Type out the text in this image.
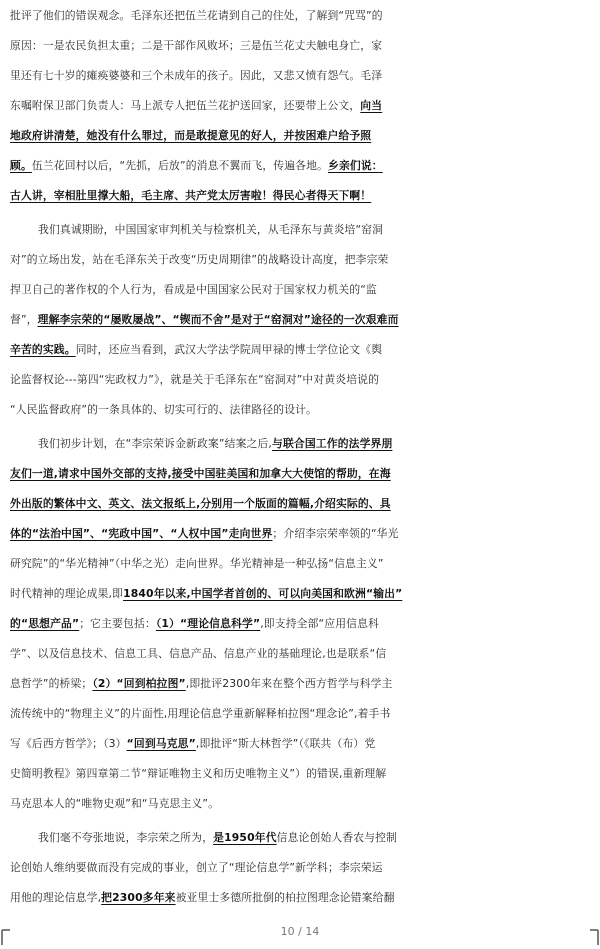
批评了他们的错误观念。毛泽东还把伍兰花请到自己的住处，了解到“咒骂”的
原因：一是农民负担太重；二是干部作风败坏；三是伍兰花丈夫触电身亡，家
里还有七十岁的瘫痪婆婆和三个未成年的孩子。因此，又悲又愤有怨气。毛泽
东嘱咐保卫部门负责人：马上派专人把伍兰花护送回家，还要带上公文，向当
地政府讲清楚，她没有什么罪过，而是敢提意见的好人，并按困难户给予照
顾。伍兰花回村以后，“先抓，后放”的消息不翼而飞，传遍各地。乡亲们说：
古人讲，宰相肚里撑大船，毛主席、共产党太厉害啦！得民心者得天下啊！
我们真诚期盼，中国国家审判机关与检察机关，从毛泽东与黄炎培“窑洞
对”的立场出发，站在毛泽东关于改变“历史周期律”的战略设计高度，把李宗荣
捍卫自己的著作权的个人行为，看成是中国国家公民对于国家权力机关的“监
督”，理解李宗荣的“屡败屡战”、“锲而不舍”是对于“窑洞对”途径的一次艰难而
辛苦的实践。同时，还应当看到，武汉大学法学院周甲禄的博士学位论文《舆
论监督权论---第四“宪政权力”》，就是关于毛泽东在“窑洞对”中对黄炎培说的
“人民监督政府”的一条具体的、切实可行的、法律路径的设计。
我们初步计划，在“李宗荣诉金新政案”结案之后,与联合国工作的法学界朋
友们一道,请求中国外交部的支持,接受中国驻美国和加拿大大使馆的帮助，在海
外出版的繁体中文、英文、法文报纸上,分别用一个版面的篇幅,介绍实际的、具
体的“法治中国”、“宪政中国”、“人权中国”走向世界；介绍李宗荣率领的“华光
研究院”的“华光精神”（中华之光）走向世界。华光精神是一种弘扬“信息主义”
时代精神的理论成果,即1840年以来,中国学者首创的、可以向美国和欧洲“输出”
的“思想产品”；它主要包括：（1）“理论信息科学”,即支持全部“应用信息科
学”、以及信息技术、信息工具、信息产品、信息产业的基础理论,也是联系“信
息哲学”的桥梁；（2）“回到柏拉图”,即批评2300年来在整个西方哲学与科学主
流传统中的“物理主义”的片面性,用理论信息学重新解释柏拉图“理念论”,着手书
写《后西方哲学》；（3）“回到马克思”,即批评“斯大林哲学”（《联共（布）党
史简明教程》第四章第二节“辩证唯物主义和历史唯物主义”）的错误,重新理解
马克思本人的“唯物史观”和“马克思主义”。
我们毫不夸张地说，李宗荣之所为，是1950年代信息论创始人香农与控制
论创始人维纳要做而没有完成的事业，创立了“理论信息学”新学科；李宗荣运
用他的理论信息学,把2300多年来被亚里士多德所批倒的柏拉图理念论错案给翻
10 / 14
